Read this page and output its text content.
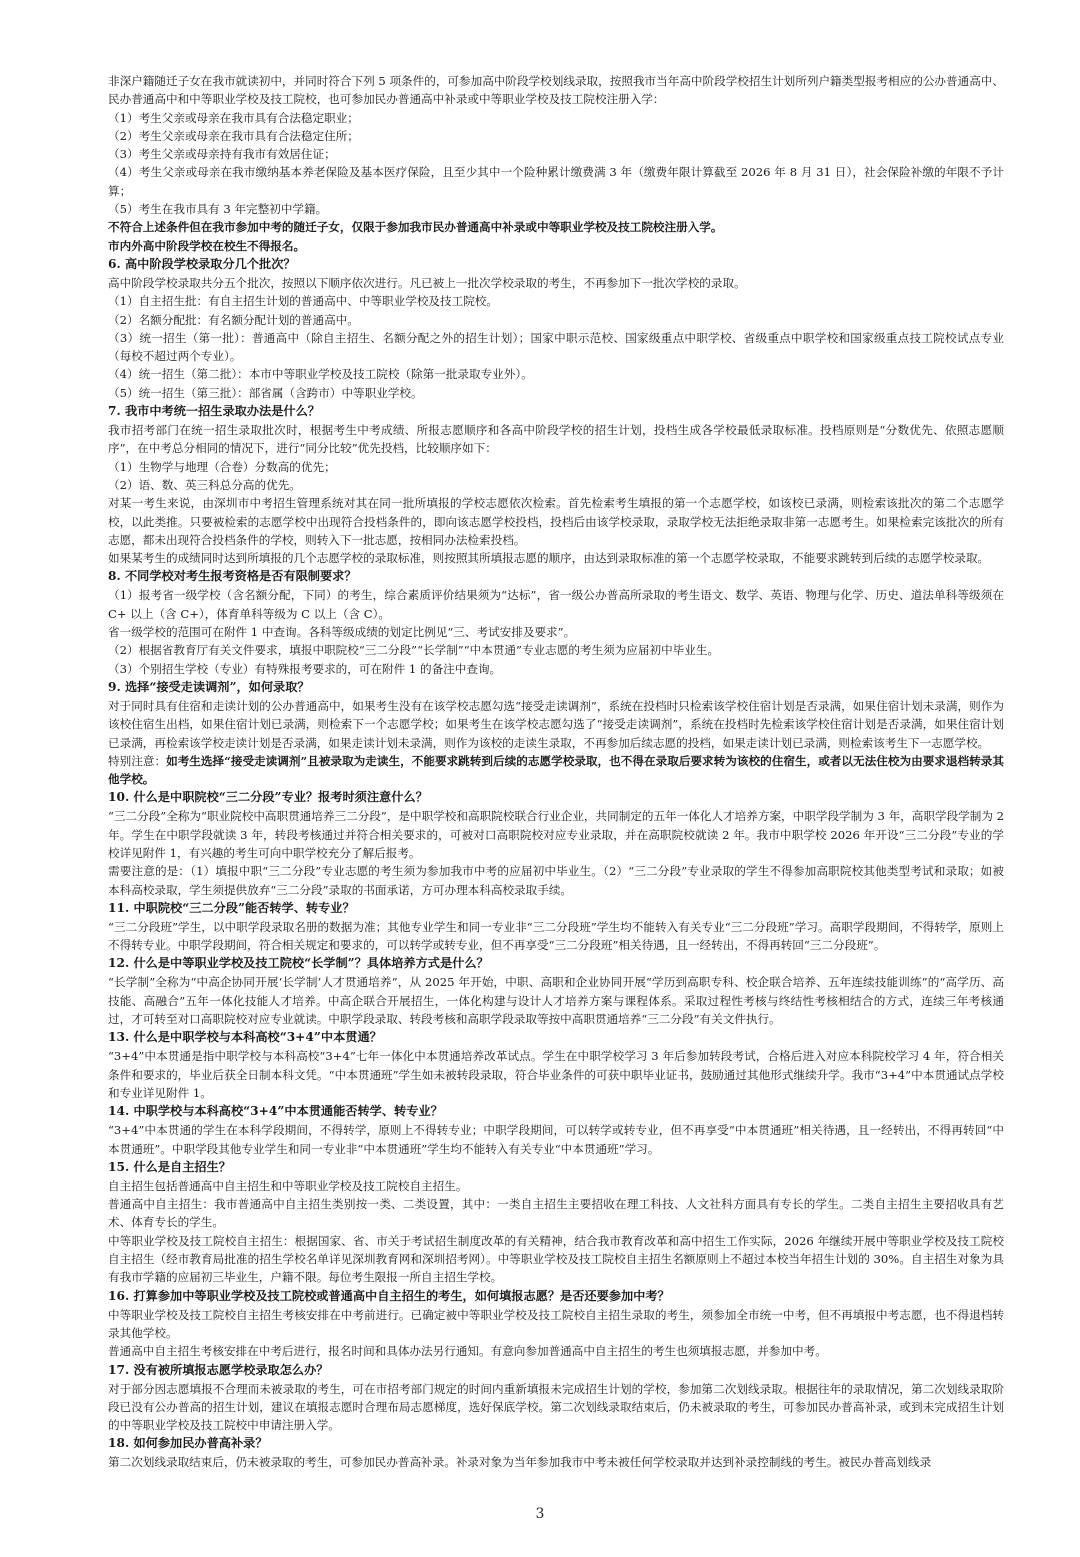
非深户籍随迁子女在我市就读初中，并同时符合下列 5 项条件的，可参加高中阶段学校划线录取，按照我市当年高中阶段学校招生计划所列户籍类型报考相应的公办普通高中、民办普通高中和中等职业学校及技工院校，也可参加民办普通高中补录或中等职业学校及技工院校注册入学：

（1）考生父亲或母亲在我市具有合法稳定职业；

（2）考生父亲或母亲在我市具有合法稳定住所；

（3）考生父亲或母亲持有我市有效居住证；

（4）考生父亲或母亲在我市缴纳基本养老保险及基本医疗保险，且至少其中一个险种累计缴费满 3 年（缴费年限计算截至 2026 年 8 月 31 日），社会保险补缴的年限不予计算；

（5）考生在我市具有 3 年完整初中学籍。

不符合上述条件但在我市参加中考的随迁子女，仅限于参加我市民办普通高中补录或中等职业学校及技工院校注册入学。

市内外高中阶段学校在校生不得报名。

6. 高中阶段学校录取分几个批次？

高中阶段学校录取共分五个批次，按照以下顺序依次进行。凡已被上一批次学校录取的考生，不再参加下一批次学校的录取。

（1）自主招生批：有自主招生计划的普通高中、中等职业学校及技工院校。

（2）名额分配批：有名额分配计划的普通高中。

（3）统一招生（第一批）：普通高中（除自主招生、名额分配之外的招生计划）；国家中职示范校、国家级重点中职学校、省级重点中职学校和国家级重点技工院校试点专业（每校不超过两个专业）。

（4）统一招生（第二批）：本市中等职业学校及技工院校（除第一批录取专业外）。

（5）统一招生（第三批）：部省属（含跨市）中等职业学校。

7. 我市中考统一招生录取办法是什么？

我市招考部门在统一招生录取批次时，根据考生中考成绩、所报志愿顺序和各高中阶段学校的招生计划，投档生成各学校最低录取标准。投档原则是“分数优先、依照志愿顺序”，在中考总分相同的情况下，进行“同分比较”优先投档，比较顺序如下：

（1）生物学与地理（合卷）分数高的优先；

（2）语、数、英三科总分高的优先。

对某一考生来说，由深圳市中考招生管理系统对其在同一批所填报的学校志愿依次检索。首先检索考生填报的第一个志愿学校，如该校已录满，则检索该批次的第二个志愿学校，以此类推。只要被检索的志愿学校中出现符合投档条件的，即向该志愿学校投档，投档后由该学校录取，录取学校无法拒绝录取非第一志愿考生。如果检索完该批次的所有志愿，都未出现符合投档条件的学校，则转入下一批志愿，按相同办法检索投档。

如果某考生的成绩同时达到所填报的几个志愿学校的录取标准，则按照其所填报志愿的顺序，由达到录取标准的第一个志愿学校录取，不能要求跳转到后续的志愿学校录取。

8. 不同学校对考生报考资格是否有限制要求？

（1）报考省一级学校（含名额分配，下同）的考生，综合素质评价结果须为“达标”，省一级公办普高所录取的考生语文、数学、英语、物理与化学、历史、道法单科等级须在 C+ 以上（含 C+），体育单科等级为 C 以上（含 C）。

省一级学校的范围可在附件 1 中查询。各科等级成绩的划定比例见“三、考试安排及要求”。

（2）根据省教育厅有关文件要求，填报中职院校“三二分段”“长学制”“中本贯通”专业志愿的考生须为应届初中毕业生。

（3）个别招生学校（专业）有特殊报考要求的，可在附件 1 的备注中查询。

9. 选择“接受走读调剂”，如何录取？

对于同时具有住宿和走读计划的公办普通高中，如果考生没有在该学校志愿勾选“接受走读调剂”，系统在投档时只检索该学校住宿计划是否录满，如果住宿计划未录满，则作为该校住宿生出档，如果住宿计划已录满，则检索下一个志愿学校；如果考生在该学校志愿勾选了“接受走读调剂”，系统在投档时先检索该学校住宿计划是否录满，如果住宿计划已录满，再检索该学校走读计划是否录满，如果走读计划未录满，则作为该校的走读生录取，不再参加后续志愿的投档，如果走读计划已录满，则检索该考生下一志愿学校。

特别注意：如考生选择“接受走读调剂”且被录取为走读生，不能要求跳转到后续的志愿学校录取，也不得在录取后要求转为该校的住宿生，或者以无法住校为由要求退档转录其他学校。

10. 什么是中职院校“三二分段”专业？报考时须注意什么？

“三二分段”全称为“职业院校中高职贯通培养三二分段”，是中职学校和高职院校联合行业企业，共同制定的五年一体化人才培养方案，中职学段学制为 3 年，高职学段学制为 2 年。学生在中职学段就读 3 年，转段考核通过并符合相关要求的，可被对口高职院校对应专业录取，并在高职院校就读 2 年。我市中职学校 2026 年开设“三二分段”专业的学校详见附件 1，有兴趣的考生可向中职学校充分了解后报考。

需要注意的是：（1）填报中职“三二分段”专业志愿的考生须为参加我市中考的应届初中毕业生。（2）“三二分段”专业录取的学生不得参加高职院校其他类型考试和录取；如被本科高校录取，学生须提供放弃“三二分段”录取的书面承诺，方可办理本科高校录取手续。

11. 中职院校“三二分段”能否转学、转专业？

“三二分段班”学生，以中职学段录取名册的数据为准；其他专业学生和同一专业非“三二分段班”学生均不能转入有关专业“三二分段班”学习。高职学段期间，不得转学，原则上不得转专业。中职学段期间，符合相关规定和要求的，可以转学或转专业，但不再享受“三二分段班”相关待遇，且一经转出，不得再转回“三二分段班”。

12. 什么是中等职业学校及技工院校“长学制”？具体培养方式是什么？

“长学制”全称为“中高企协同开展‘长学制’人才贯通培养”，从 2025 年开始，中职、高职和企业协同开展“学历到高职专科、校企联合培养、五年连续技能训练”的“高学历、高技能、高融合”五年一体化技能人才培养。中高企联合开展招生，一体化构建与设计人才培养方案与课程体系。采取过程性考核与终结性考核相结合的方式，连续三年考核通过，才可转至对口高职院校对应专业就读。中职学段录取、转段考核和高职学段录取等按中高职贯通培养“三二分段”有关文件执行。

13. 什么是中职学校与本科高校“3+4”中本贯通？

“3+4”中本贯通是指中职学校与本科高校“3+4”七年一体化中本贯通培养改革试点。学生在中职学校学习 3 年后参加转段考试，合格后进入对应本科院校学习 4 年，符合相关条件和要求的，毕业后获全日制本科文凭。“中本贯通班”学生如未被转段录取，符合毕业条件的可获中职毕业证书，鼓励通过其他形式继续升学。我市“3+4”中本贯通试点学校和专业详见附件 1。

14. 中职学校与本科高校“3+4”中本贯通能否转学、转专业？

“3+4”中本贯通的学生在本科学段期间，不得转学，原则上不得转专业；中职学段期间，可以转学或转专业，但不再享受“中本贯通班”相关待遇，且一经转出，不得再转回“中本贯通班”。中职学段其他专业学生和同一专业非“中本贯通班”学生均不能转入有关专业“中本贯通班”学习。

15. 什么是自主招生？

自主招生包括普通高中自主招生和中等职业学校及技工院校自主招生。

普通高中自主招生：我市普通高中自主招生类别按一类、二类设置，其中：一类自主招生主要招收在理工科技、人文社科方面具有专长的学生。二类自主招生主要招收具有艺术、体育专长的学生。

中等职业学校及技工院校自主招生：根据国家、省、市关于考试招生制度改革的有关精神，结合我市教育改革和高中招生工作实际，2026 年继续开展中等职业学校及技工院校自主招生（经市教育局批准的招生学校名单详见深圳教育网和深圳招考网）。中等职业学校及技工院校自主招生名额原则上不超过本校当年招生计划的 30%。自主招生对象为具有我市学籍的应届初三毕业生，户籍不限。每位考生限报一所自主招生学校。

16. 打算参加中等职业学校及技工院校或普通高中自主招生的考生，如何填报志愿？是否还要参加中考？

中等职业学校及技工院校自主招生考核安排在中考前进行。已确定被中等职业学校及技工院校自主招生录取的考生，须参加全市统一中考，但不再填报中考志愿，也不得退档转录其他学校。

普通高中自主招生考核安排在中考后进行，报名时间和具体办法另行通知。有意向参加普通高中自主招生的考生也须填报志愿，并参加中考。

17. 没有被所填报志愿学校录取怎么办？

对于部分因志愿填报不合理而未被录取的考生，可在市招考部门规定的时间内重新填报未完成招生计划的学校，参加第二次划线录取。根据往年的录取情况，第二次划线录取阶段已没有公办普高的招生计划，建议在填报志愿时合理布局志愿梯度，选好保底学校。第二次划线录取结束后，仍未被录取的考生，可参加民办普高补录，或到未完成招生计划的中等职业学校及技工院校中申请注册入学。

18. 如何参加民办普高补录？

第二次划线录取结束后，仍未被录取的考生，可参加民办普高补录。补录对象为当年参加我市中考未被任何学校录取并达到补录控制线的考生。被民办普高划线录

3
